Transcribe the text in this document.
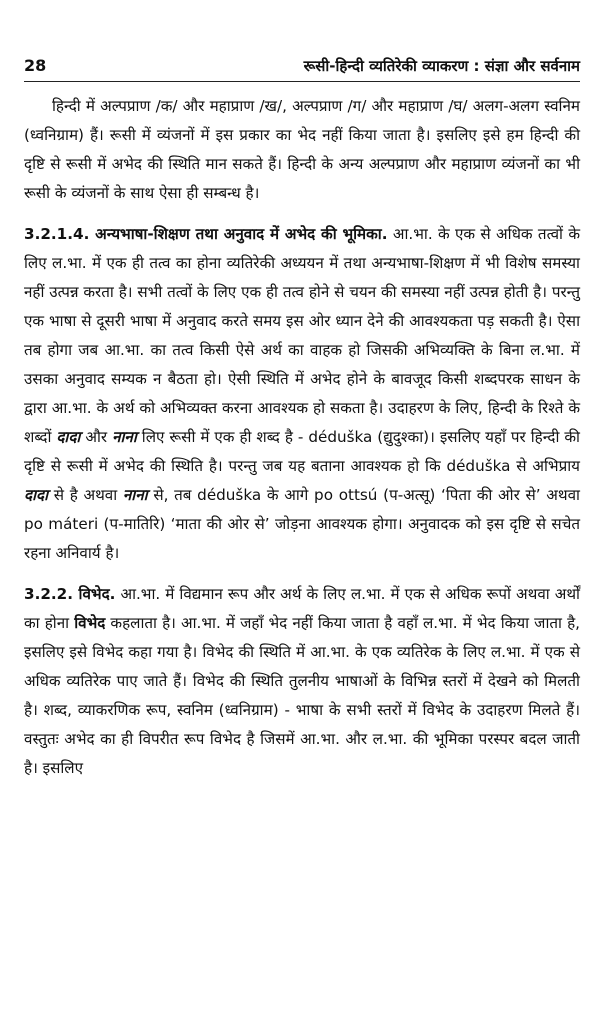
28	रूसी-हिन्दी व्यतिरेकी व्याकरण : संज्ञा और सर्वनाम

हिन्दी में अल्पप्राण /क/ और महाप्राण /ख/, अल्पप्राण /ग/ और महाप्राण /घ/ अलग-अलग स्वनिम (ध्वनिग्राम) हैं। रूसी में व्यंजनों में इस प्रकार का भेद नहीं किया जाता है। इसलिए इसे हम हिन्दी की दृष्टि से रूसी में अभेद की स्थिति मान सकते हैं। हिन्दी के अन्य अल्पप्राण और महाप्राण व्यंजनों का भी रूसी के व्यंजनों के साथ ऐसा ही सम्बन्ध है।

3.2.1.4. अन्यभाषा-शिक्षण तथा अनुवाद में अभेद की भूमिका. आ.भा. के एक से अधिक तत्वों के लिए ल.भा. में एक ही तत्व का होना व्यतिरेकी अध्ययन में तथा अन्यभाषा-शिक्षण में भी विशेष समस्या नहीं उत्पन्न करता है। सभी तत्वों के लिए एक ही तत्व होने से चयन की समस्या नहीं उत्पन्न होती है। परन्तु एक भाषा से दूसरी भाषा में अनुवाद करते समय इस ओर ध्यान देने की आवश्यकता पड़ सकती है। ऐसा तब होगा जब आ.भा. का तत्व किसी ऐसे अर्थ का वाहक हो जिसकी अभिव्यक्ति के बिना ल.भा. में उसका अनुवाद सम्यक न बैठता हो। ऐसी स्थिति में अभेद होने के बावजूद किसी शब्दपरक साधन के द्वारा आ.भा. के अर्थ को अभिव्यक्त करना आवश्यक हो सकता है। उदाहरण के लिए, हिन्दी के रिश्ते के शब्दों दादा और नाना लिए रूसी में एक ही शब्द है - déduška (द्युदुश्का)। इसलिए यहाँ पर हिन्दी की दृष्टि से रूसी में अभेद की स्थिति है। परन्तु जब यह बताना आवश्यक हो कि déduška से अभिप्राय दादा से है अथवा नाना से, तब déduška के आगे po ottsú (प-अत्सू) ‘पिता की ओर से’ अथवा po máteri (प-मातिरि) ‘माता की ओर से’ जोड़ना आवश्यक होगा। अनुवादक को इस दृष्टि से सचेत रहना अनिवार्य है।

3.2.2. विभेद. आ.भा. में विद्यमान रूप और अर्थ के लिए ल.भा. में एक से अधिक रूपों अथवा अर्थों का होना विभेद कहलाता है। आ.भा. में जहाँ भेद नहीं किया जाता है वहाँ ल.भा. में भेद किया जाता है, इसलिए इसे विभेद कहा गया है। विभेद की स्थिति में आ.भा. के एक व्यतिरेक के लिए ल.भा. में एक से अधिक व्यतिरेक पाए जाते हैं। विभेद की स्थिति तुलनीय भाषाओं के विभिन्न स्तरों में देखने को मिलती है। शब्द, व्याकरणिक रूप, स्वनिम (ध्वनिग्राम) - भाषा के सभी स्तरों में विभेद के उदाहरण मिलते हैं। वस्तुतः अभेद का ही विपरीत रूप विभेद है जिसमें आ.भा. और ल.भा. की भूमिका परस्पर बदल जाती है। इसलिए
